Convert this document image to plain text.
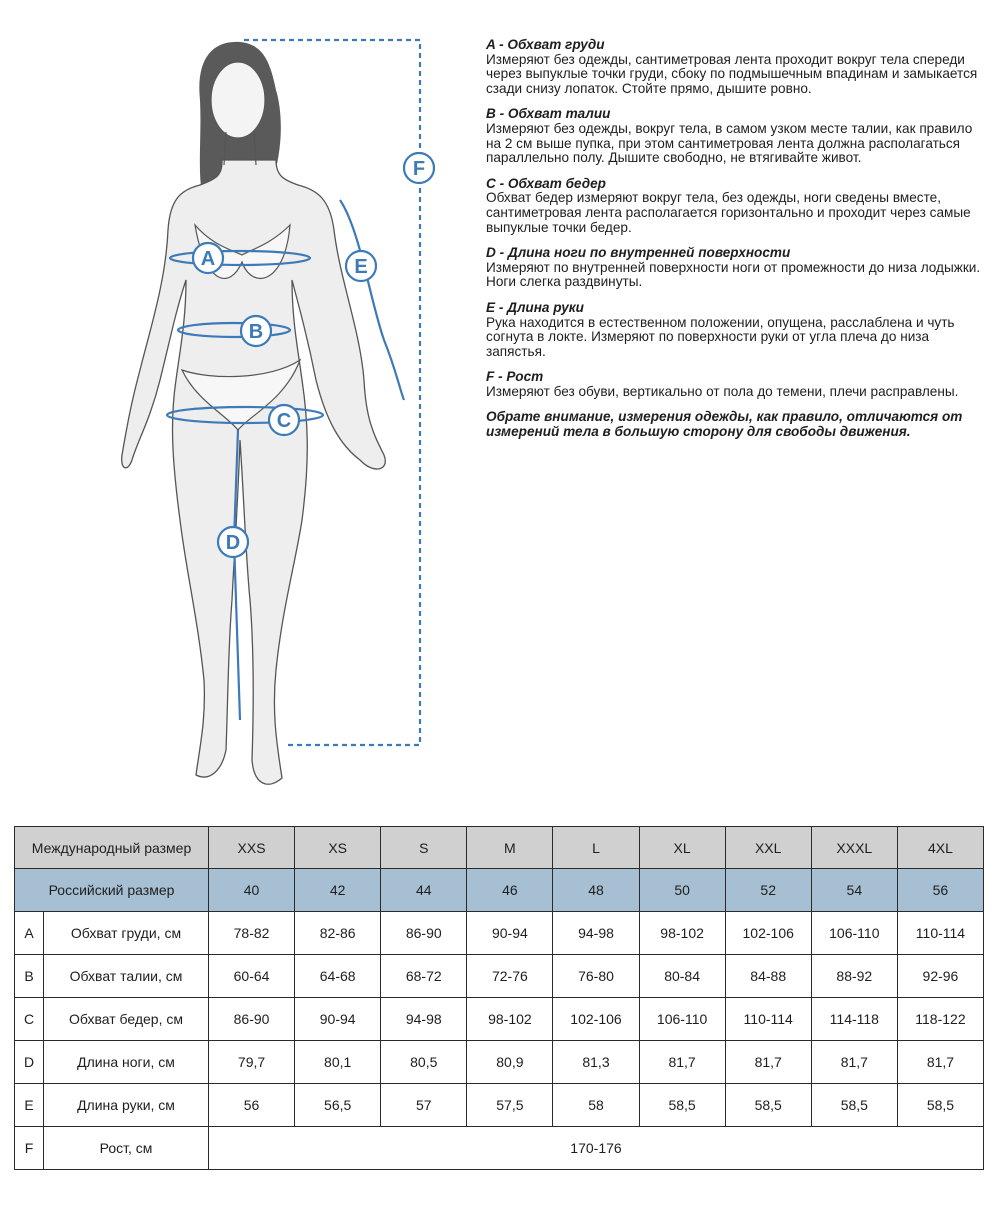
A
B
C
D
E
F
A - Обхват груди
Измеряют без одежды, сантиметровая лента проходит вокруг тела спереди через выпуклые точки груди, сбоку по подмышечным впадинам и замыкается сзади снизу лопаток. Стойте прямо, дышите ровно.
B - Обхват талии
Измеряют без одежды, вокруг тела, в самом узком месте талии, как правило на 2 см выше пупка, при этом сантиметровая лента должна располагаться параллельно полу. Дышите свободно, не втягивайте живот.
C - Обхват бедер
Обхват бедер измеряют вокруг тела, без одежды, ноги сведены вместе, сантиметровая лента располагается горизонтально и проходит через самые выпуклые точки бедер.
D - Длина ноги по внутренней поверхности
Измеряют по внутренней поверхности ноги от промежности до низа лодыжки. Ноги слегка раздвинуты.
E - Длина руки
Рука находится в естественном положении, опущена, расслаблена и чуть согнута в локте. Измеряют по поверхности руки от угла плеча до низа запястья.
F - Рост
Измеряют без обуви, вертикально от пола до темени, плечи расправлены.
Обрате внимание, измерения одежды, как правило, отличаются от измерений тела в большую сторону для свободы движения.
Международный размер	XXS	XS	S	M	L	XL	XXL	XXXL	4XL
Российский размер	40	42	44	46	48	50	52	54	56

A Обхват груди, см	78-82	82-86	86-90	90-94	94-98	98-102	102-106	106-110	110-114

B Обхват талии, см	60-64	64-68	68-72	72-76	76-80	80-84	84-88	88-92	92-96

C Обхват бедер, см	86-90	90-94	94-98	98-102	102-106	106-110	110-114	114-118	118-122

D Длина ноги, см	79,7	80,1	80,5	80,9	81,3	81,7	81,7	81,7	81,7

E Длина руки, см	56	56,5	57	57,5	58	58,5	58,5	58,5	58,5

F Рост, см	170-176								
